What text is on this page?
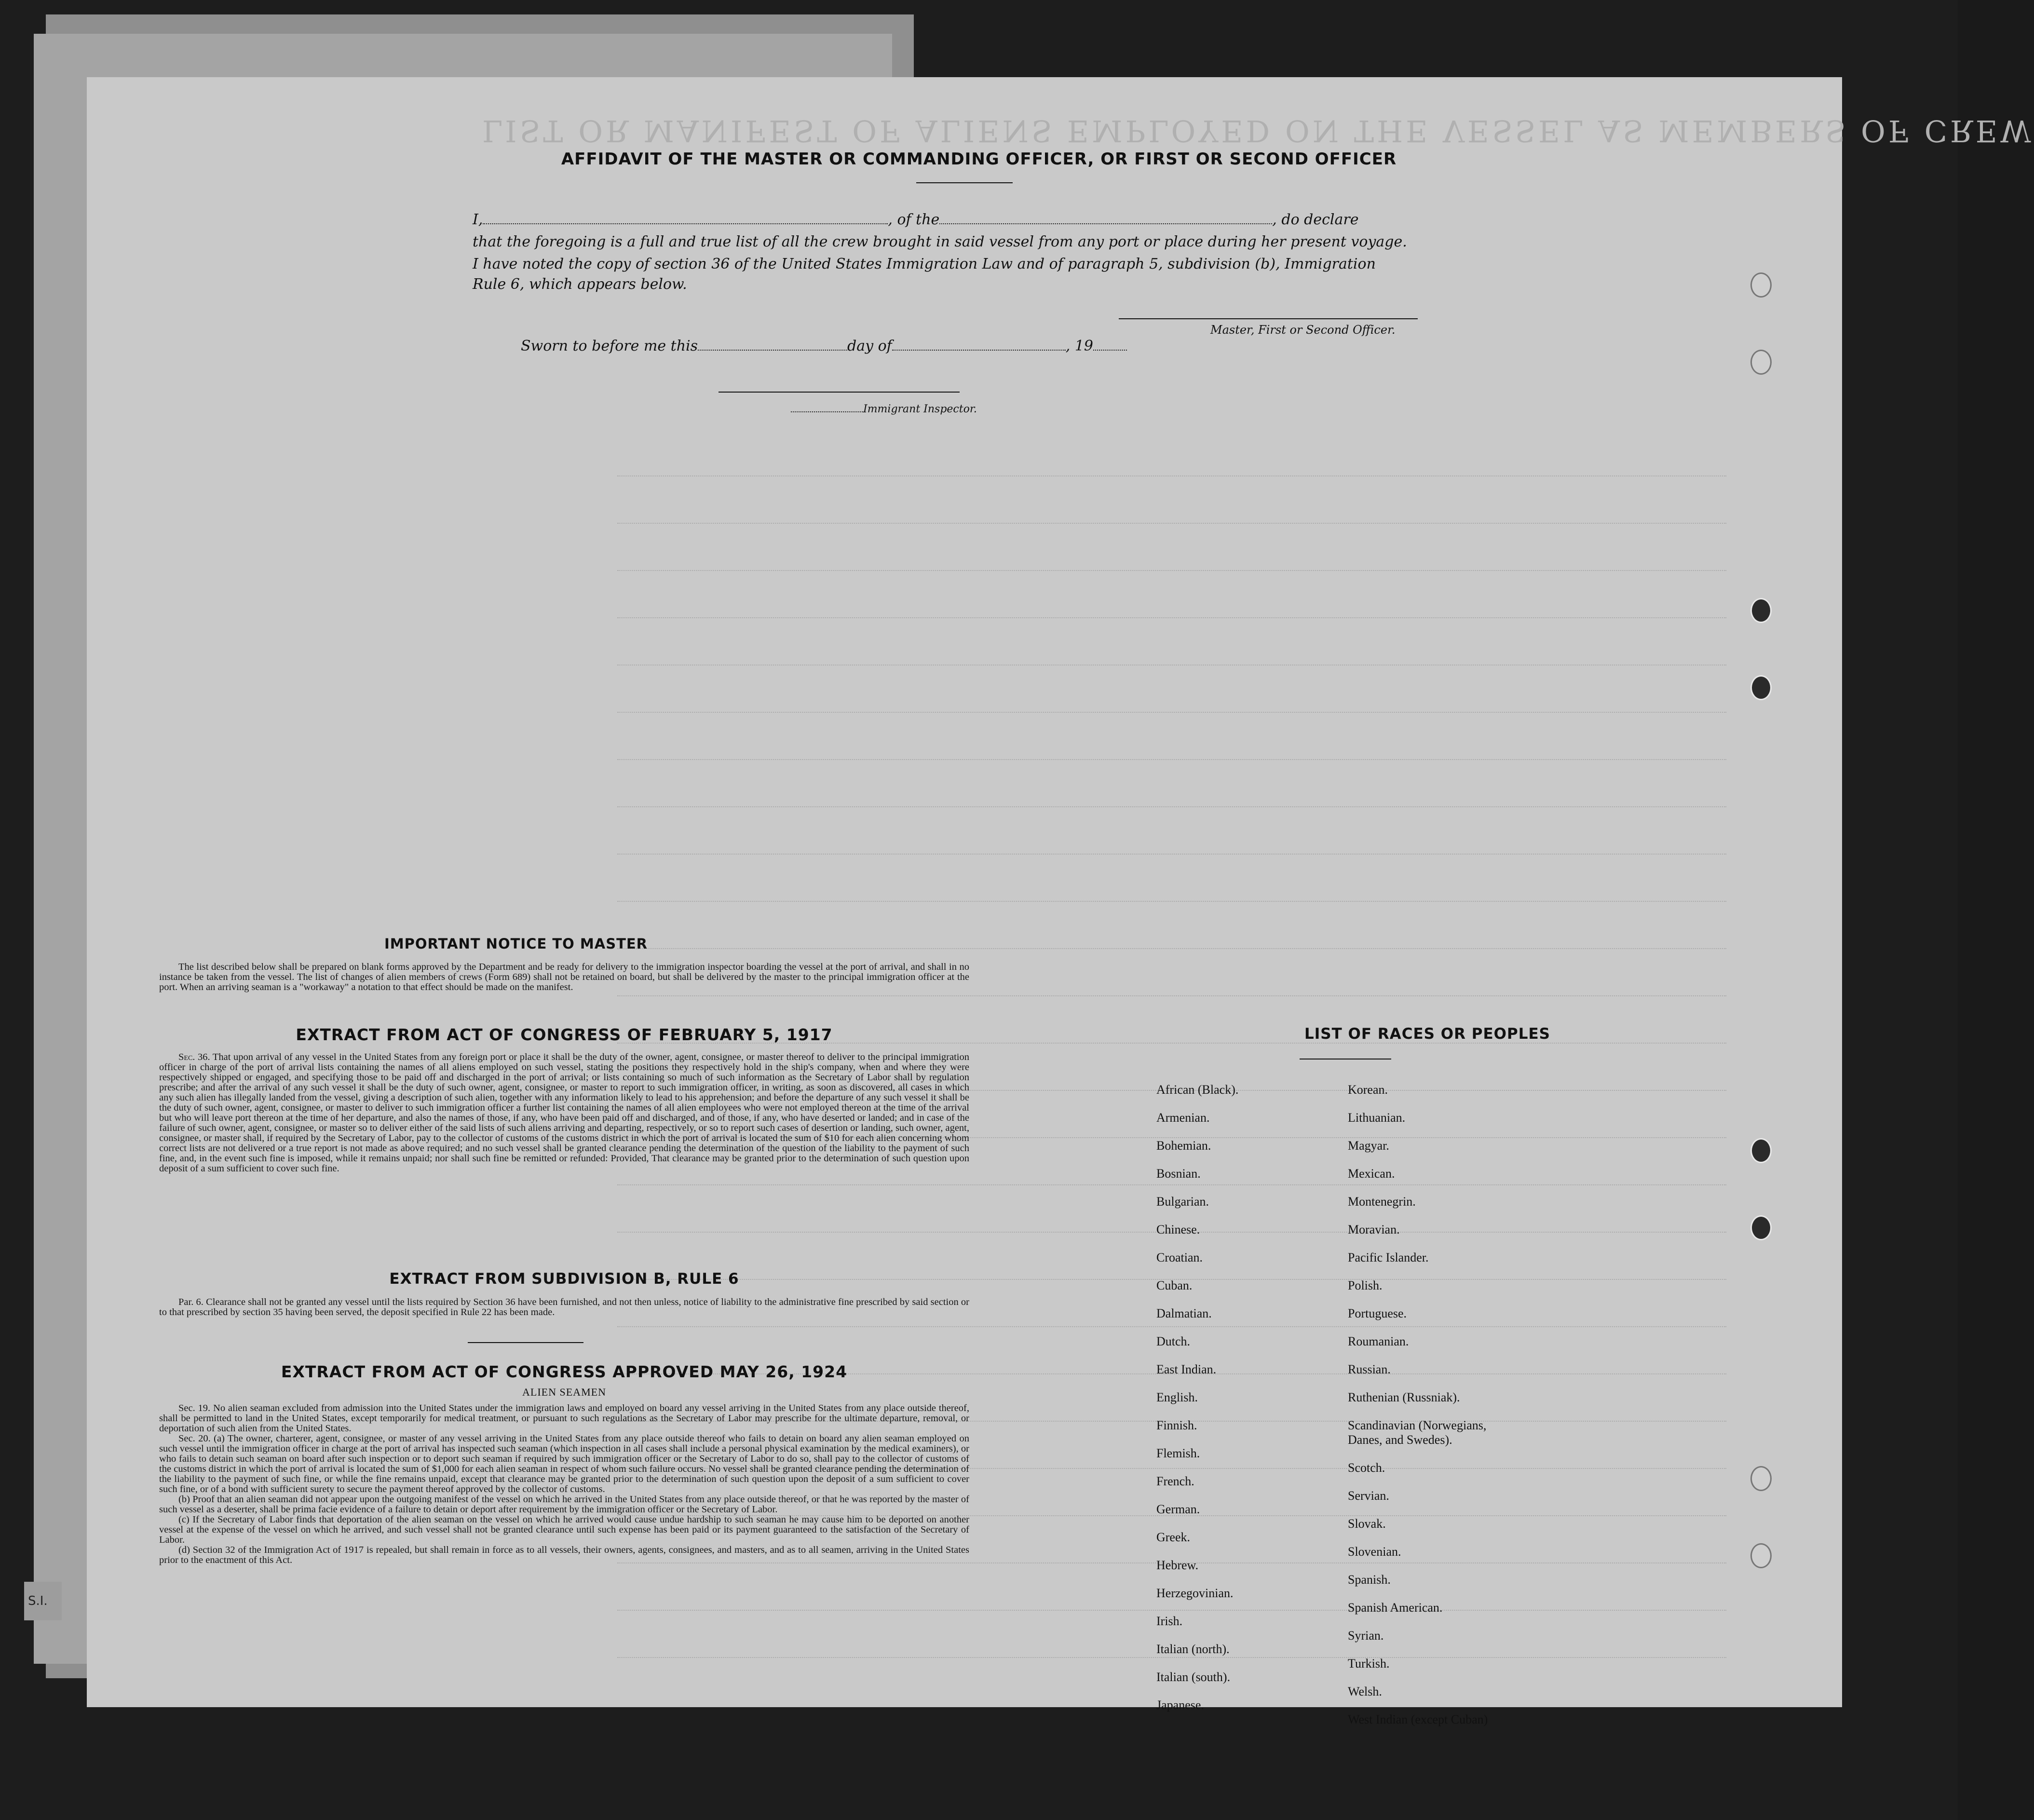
S.I.
LIST OR MANIFEST OF ALIENS EMPLOYED ON THE VESSEL AS MEMBERS OF CREW
AFFIDAVIT OF THE MASTER OR COMMANDING OFFICER, OR FIRST OR SECOND OFFICER
I,	, of the	, do declare
that the foregoing is a full and true list of all the crew brought in said vessel from any port or place during her present voyage.
I have noted the copy of section 36 of the United States Immigration Law and of paragraph 5, subdivision (b), Immigration
Rule 6, which appears below.
Master, First or Second Officer.
Sworn to before me this	day of	, 19
Immigrant Inspector.
IMPORTANT NOTICE TO MASTER

The list described below shall be prepared on blank forms approved by the Department and be ready for delivery to the immigration inspector boarding the vessel at the port of arrival, and shall in no instance be taken from the vessel. The list of changes of alien members of crews (Form 689) shall not be retained on board, but shall be delivered by the master to the principal immigration officer at the port. When an arriving seaman is a "workaway" a notation to that effect should be made on the manifest.

EXTRACT FROM ACT OF CONGRESS OF FEBRUARY 5, 1917

Sec. 36. That upon arrival of any vessel in the United States from any foreign port or place it shall be the duty of the owner, agent, consignee, or master thereof to deliver to the principal immigration officer in charge of the port of arrival lists containing the names of all aliens employed on such vessel, stating the positions they respectively hold in the ship's company, when and where they were respectively shipped or engaged, and specifying those to be paid off and discharged in the port of arrival; or lists containing so much of such information as the Secretary of Labor shall by regulation prescribe; and after the arrival of any such vessel it shall be the duty of such owner, agent, consignee, or master to report to such immigration officer, in writing, as soon as discovered, all cases in which any such alien has illegally landed from the vessel, giving a description of such alien, together with any information likely to lead to his apprehension; and before the departure of any such vessel it shall be the duty of such owner, agent, consignee, or master to deliver to such immigration officer a further list containing the names of all alien employees who were not employed thereon at the time of the arrival but who will leave port thereon at the time of her departure, and also the names of those, if any, who have been paid off and discharged, and of those, if any, who have deserted or landed; and in case of the failure of such owner, agent, consignee, or master so to deliver either of the said lists of such aliens arriving and departing, respectively, or so to report such cases of desertion or landing, such owner, agent, consignee, or master shall, if required by the Secretary of Labor, pay to the collector of customs of the customs district in which the port of arrival is located the sum of $10 for each alien concerning whom correct lists are not delivered or a true report is not made as above required; and no such vessel shall be granted clearance pending the determination of the question of the liability to the payment of such fine, and, in the event such fine is imposed, while it remains unpaid; nor shall such fine be remitted or refunded: Provided, That clearance may be granted prior to the determination of such question upon deposit of a sum sufficient to cover such fine.

EXTRACT FROM SUBDIVISION B, RULE 6

Par. 6. Clearance shall not be granted any vessel until the lists required by Section 36 have been furnished, and not then unless, notice of liability to the administrative fine prescribed by said section or to that prescribed by section 35 having been served, the deposit specified in Rule 22 has been made.

EXTRACT FROM ACT OF CONGRESS APPROVED MAY 26, 1924
ALIEN SEAMEN

Sec. 19. No alien seaman excluded from admission into the United States under the immigration laws and employed on board any vessel arriving in the United States from any place outside thereof, shall be permitted to land in the United States, except temporarily for medical treatment, or pursuant to such regulations as the Secretary of Labor may prescribe for the ultimate departure, removal, or deportation of such alien from the United States.

Sec. 20. (a) The owner, charterer, agent, consignee, or master of any vessel arriving in the United States from any place outside thereof who fails to detain on board any alien seaman employed on such vessel until the immigration officer in charge at the port of arrival has inspected such seaman (which inspection in all cases shall include a personal physical examination by the medical examiners), or who fails to detain such seaman on board after such inspection or to deport such seaman if required by such immigration officer or the Secretary of Labor to do so, shall pay to the collector of customs of the customs district in which the port of arrival is located the sum of $1,000 for each alien seaman in respect of whom such failure occurs. No vessel shall be granted clearance pending the determination of the liability to the payment of such fine, or while the fine remains unpaid, except that clearance may be granted prior to the determination of such question upon the deposit of a sum sufficient to cover such fine, or of a bond with sufficient surety to secure the payment thereof approved by the collector of customs.

(b) Proof that an alien seaman did not appear upon the outgoing manifest of the vessel on which he arrived in the United States from any place outside thereof, or that he was reported by the master of such vessel as a deserter, shall be prima facie evidence of a failure to detain or deport after requirement by the immigration officer or the Secretary of Labor.

(c) If the Secretary of Labor finds that deportation of the alien seaman on the vessel on which he arrived would cause undue hardship to such seaman he may cause him to be deported on another vessel at the expense of the vessel on which he arrived, and such vessel shall not be granted clearance until such expense has been paid or its payment guaranteed to the satisfaction of the Secretary of Labor.

(d) Section 32 of the Immigration Act of 1917 is repealed, but shall remain in force as to all vessels, their owners, agents, consignees, and masters, and as to all seamen, arriving in the United States prior to the enactment of this Act.

LIST OF RACES OR PEOPLES
African (Black).
Armenian.
Bohemian.
Bosnian.
Bulgarian.
Chinese.
Croatian.
Cuban.
Dalmatian.
Dutch.
East Indian.
English.
Finnish.
Flemish.
French.
German.
Greek.
Hebrew.
Herzegovinian.
Irish.
Italian (north).
Italian (south).
Japanese.
Korean.
Lithuanian.
Magyar.
Mexican.
Montenegrin.
Moravian.
Pacific Islander.
Polish.
Portuguese.
Roumanian.
Russian.
Ruthenian (Russniak).
Scandinavian (Norwegians,
Danes, and Swedes).
Scotch.
Servian.
Slovak.
Slovenian.
Spanish.
Spanish American.
Syrian.
Turkish.
Welsh.
West Indian (except Cuban)
